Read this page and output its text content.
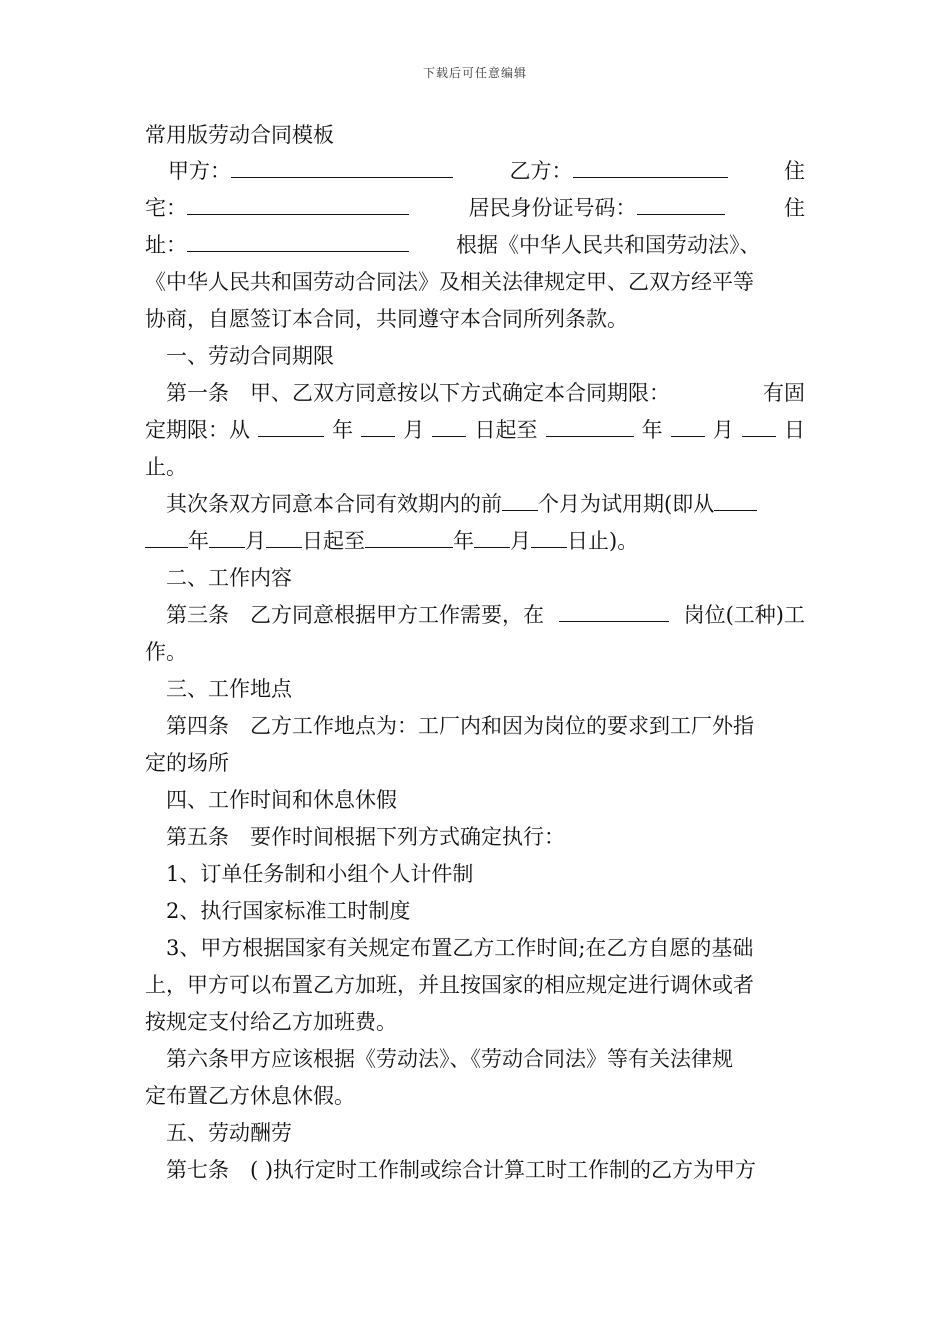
下载后可任意编辑
常用版劳动合同模板
甲方：	乙方：	住
宅：	居民身份证号码：	住
址：	根据《中华人民共和国劳动法》、
《中华人民共和国劳动合同法》及相关法律规定甲、乙双方经平等
协商，自愿签订本合同，共同遵守本合同所列条款。
一、劳动合同期限
第一条　甲、乙双方同意按以下方式确定本合同期限：	有固
定期限：从	年 月 日起至	年 月 日
止。
其次条双方同意本合同有效期内的前 个月为试用期(即从
年 月 日起至	年 月 日止)。
二、工作内容
第三条　乙方同意根据甲方工作需要，在	岗位(工种)工
作。
三、工作地点
第四条　乙方工作地点为：工厂内和因为岗位的要求到工厂外指
定的场所
四、工作时间和休息休假
第五条　要作时间根据下列方式确定执行：
1、订单任务制和小组个人计件制
2、执行国家标准工时制度
3、甲方根据国家有关规定布置乙方工作时间;在乙方自愿的基础
上，甲方可以布置乙方加班，并且按国家的相应规定进行调休或者
按规定支付给乙方加班费。
第六条甲方应该根据《劳动法》、《劳动合同法》等有关法律规
定布置乙方休息休假。
五、劳动酬劳
第七条　( )执行定时工作制或综合计算工时工作制的乙方为甲方
